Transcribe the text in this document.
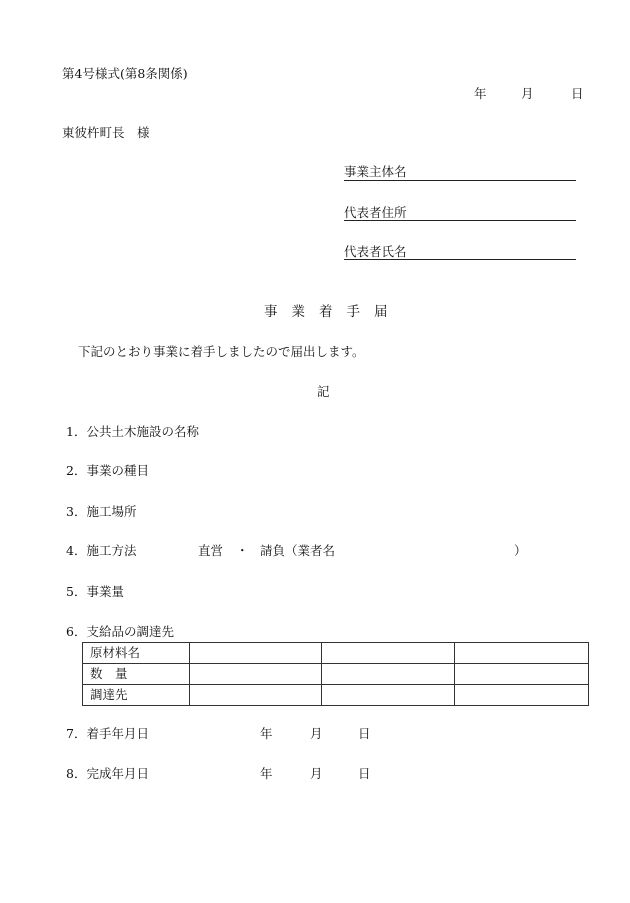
第4号様式(第8条関係)
年	月	日
東彼杵町長　様
事業主体名
代表者住所
代表者氏名
事業着手届
下記のとおり事業に着手しましたので届出します。
記
1．公共土木施設の名称
2．事業の種目
3．施工場所
4．施工方法	直営 ・ 請負（業者名	）
5．事業量
6．支給品の調達先
原材料名			
数　量			
調達先			
7．着手年月日	年	月	日
8．完成年月日	年	月	日
